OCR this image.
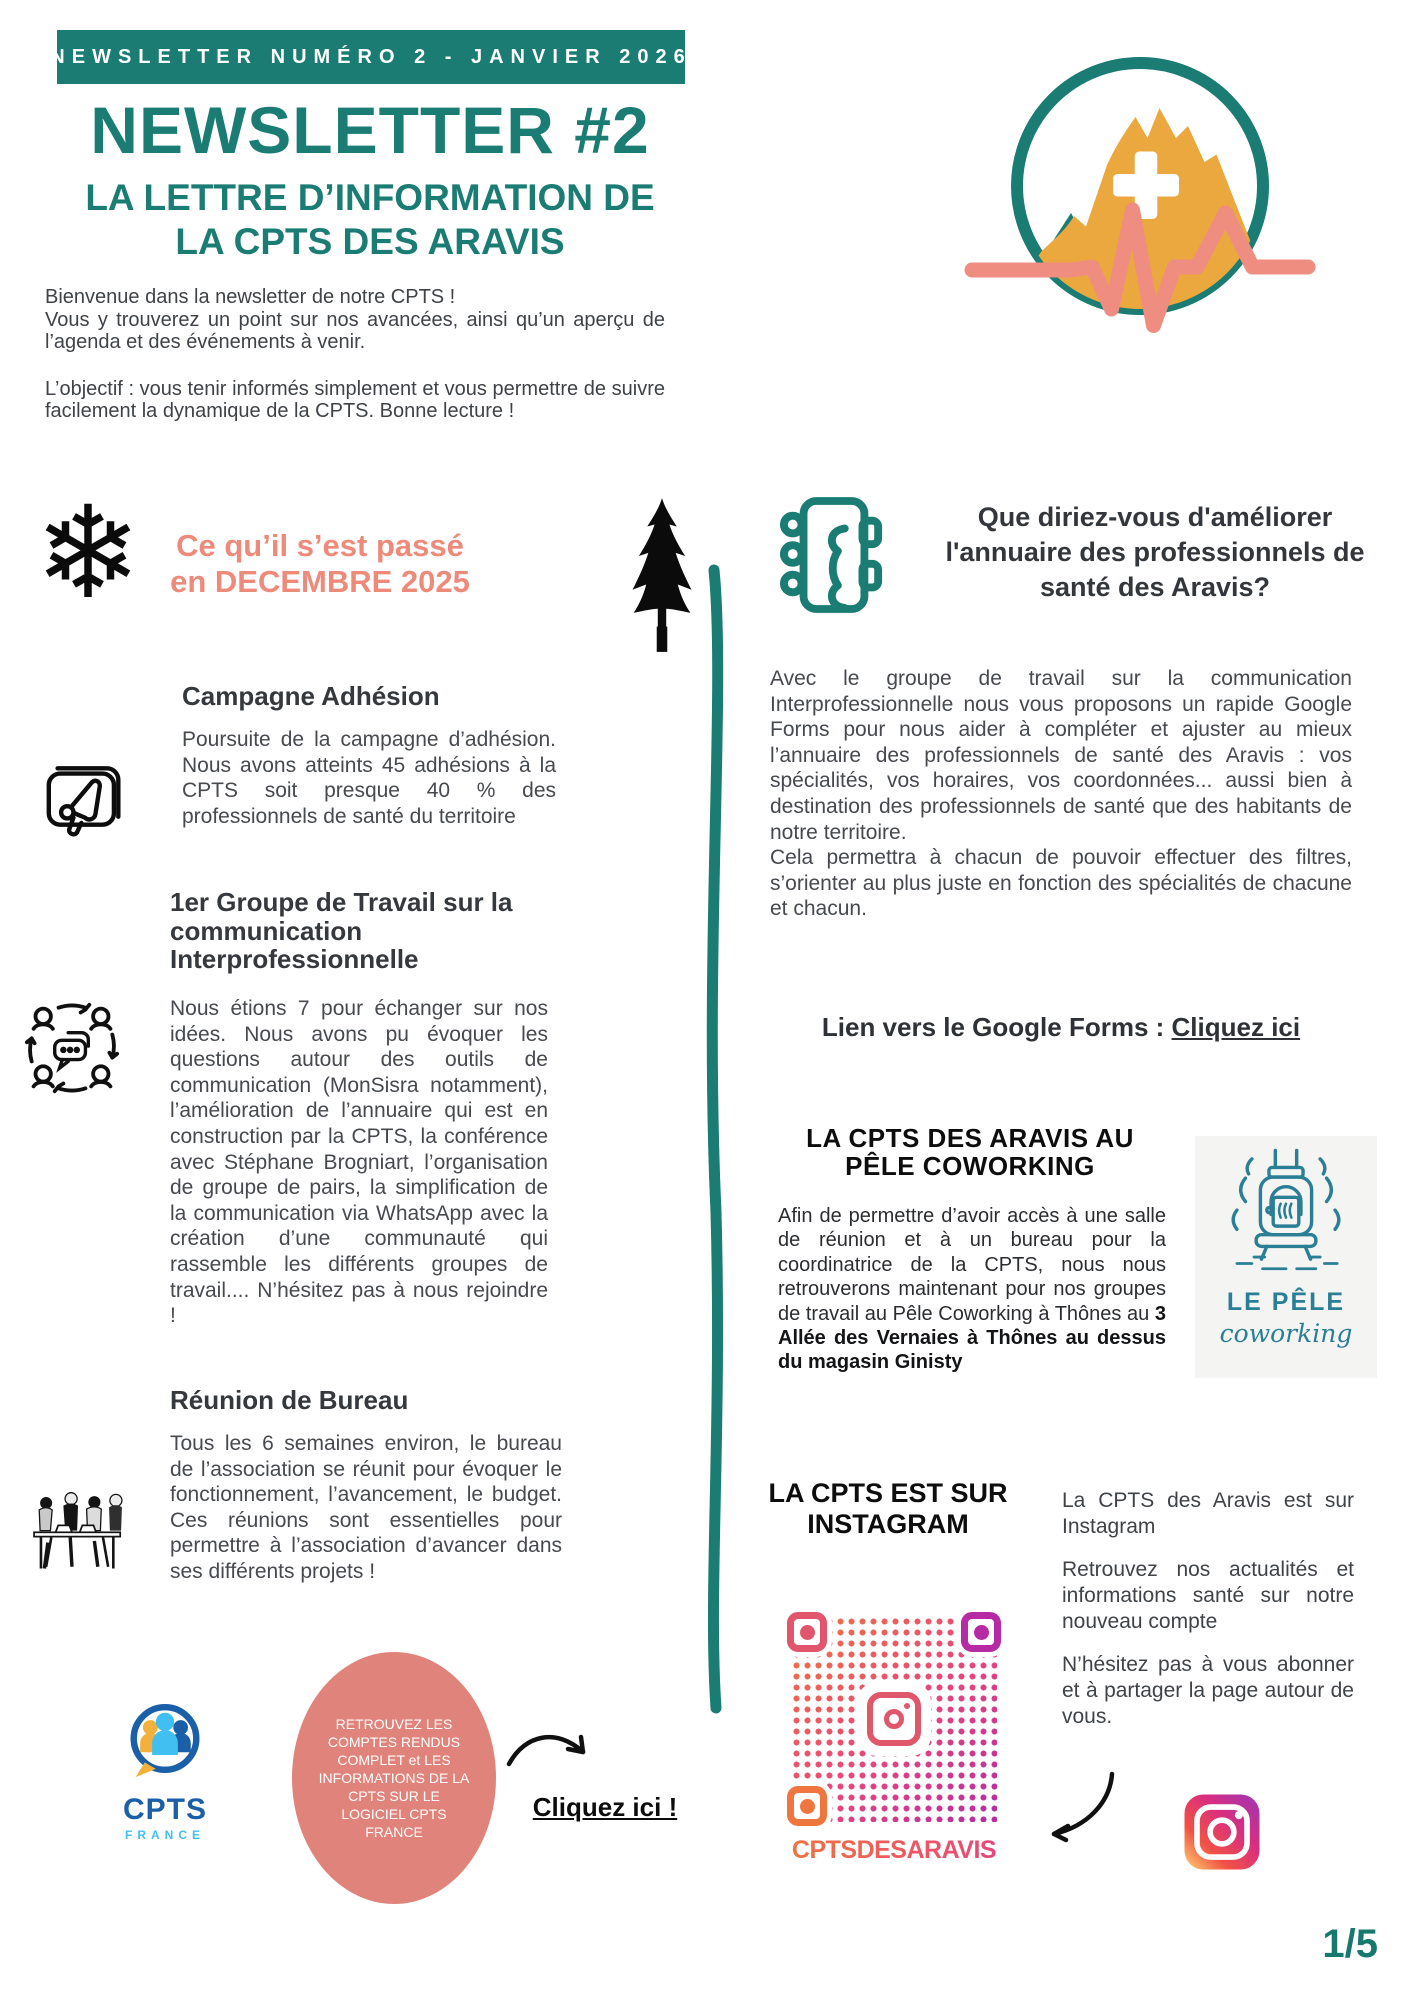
NEWSLETTER NUMÉRO 2 - JANVIER 2026
NEWSLETTER #2
LA LETTRE D’INFORMATION DE
LA CPTS DES ARAVIS
Bienvenue dans la newsletter de notre CPTS !
Vous y trouverez un point sur nos avancées, ainsi qu’un aperçu de l’agenda et des événements à venir.
L’objectif : vous tenir informés simplement et vous permettre de suivre facilement la dynamique de la CPTS. Bonne lecture !
❄	Ce qu’il s’est passé en DECEMBRE 2025
Campagne Adhésion
Poursuite de la campagne d’adhésion. Nous avons atteints 45 adhésions à la CPTS soit presque 40 % des professionnels de santé du territoire
1er Groupe de Travail sur la communication Interprofessionnelle
Nous étions 7 pour échanger sur nos idées. Nous avons pu évoquer les questions autour des outils de communication (MonSisra notamment), l’amélioration de l’annuaire qui est en construction par la CPTS, la conférence avec Stéphane Brogniart, l’organisation de groupe de pairs, la simplification de la communication via WhatsApp avec la création d’une communauté qui rassemble les différents groupes de travail.... N’hésitez pas à nous rejoindre !
Réunion de Bureau
Tous les 6 semaines environ, le bureau de l’association se réunit pour évoquer le fonctionnement, l’avancement, le budget. Ces réunions sont essentielles pour permettre à l’association d’avancer dans ses différents projets !
RETROUVEZ LES COMPTES RENDUS COMPLET et LES INFORMATIONS DE LA CPTS SUR LE LOGICIEL CPTS FRANCE
CPTS
FRANCE
Cliquez ici !
Que diriez-vous d'améliorer l'annuaire des professionnels de santé des Aravis?
Avec le groupe de travail sur la communication Interprofessionnelle nous vous proposons un rapide Google Forms pour nous aider à compléter et ajuster au mieux l’annuaire des professionnels de santé des Aravis : vos spécialités, vos horaires, vos coordonnées... aussi bien à destination des professionnels de santé que des habitants de notre territoire.
Cela permettra à chacun de pouvoir effectuer des filtres, s’orienter au plus juste en fonction des spécialités de chacune et chacun.
Lien vers le Google Forms : Cliquez ici
LA CPTS DES ARAVIS AU PÊLE COWORKING
Afin de permettre d’avoir accès à une salle de réunion et à un bureau pour la coordinatrice de la CPTS, nous nous retrouverons maintenant pour nos groupes de travail au Pêle Coworking à Thônes au 3 Allée des Vernaies à Thônes au dessus du magasin Ginisty
LE PÊLE
coworking
LA CPTS EST SUR INSTAGRAM

La CPTS des Aravis est sur Instagram

Retrouvez nos actualités et informations santé sur notre nouveau compte

N’hésitez pas à vous abonner et à partager la page autour de vous.

CPTSDESARAVIS
1/5
